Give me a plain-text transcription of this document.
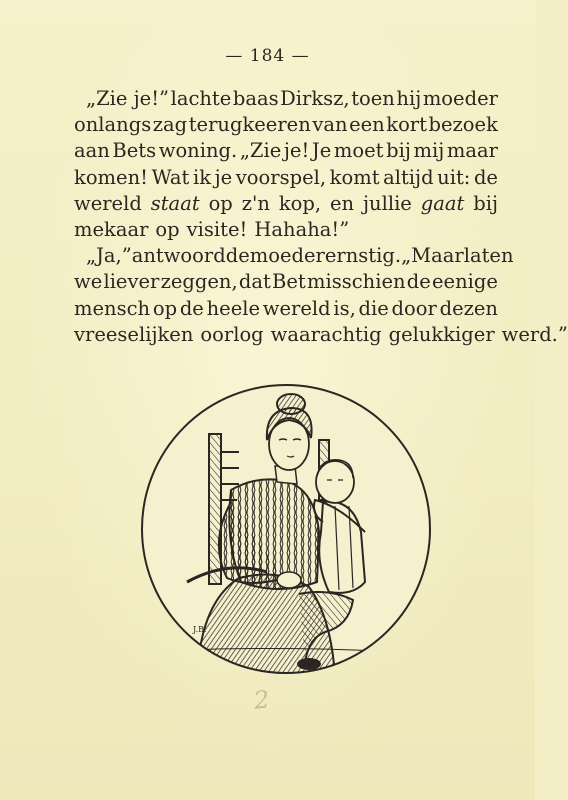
— 184 —
„Zie je!” lachte baas Dirksz, toen hij moeder
onlangs zag terugkeeren van een kort bezoek
aan Bets woning. „Zie je! Je moet bij mij maar
komen! Wat ik je voorspel, komt altijd uit: de
wereld staat op z'n kop, en jullie gaat bij
mekaar op visite! Hahaha!”
„Ja,” antwoordde moeder ernstig. „Maar laten
we liever zeggen, dat Bet misschien de eenige
mensch op de heele wereld is, die door dezen
vreeselijken oorlog waarachtig gelukkiger werd.”
J.B.
2
